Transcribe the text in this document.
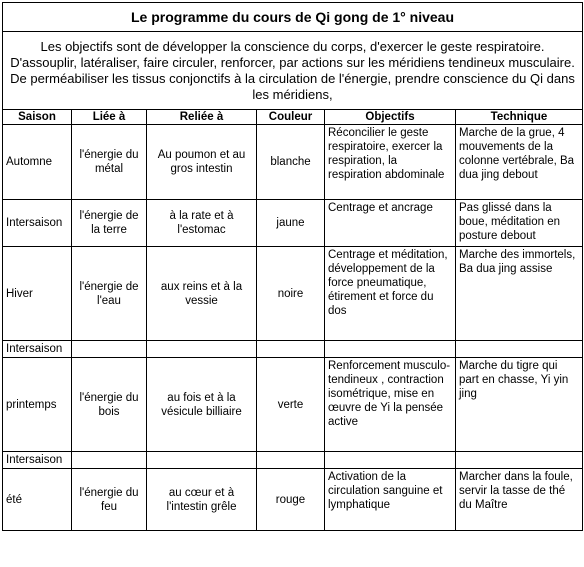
Le programme du cours de Qi gong de 1° niveau					
Les objectifs sont de développer la conscience du corps, d'exercer le geste respiratoire. D'assouplir, latéraliser, faire circuler, renforcer, par actions sur les méridiens tendineux musculaire. De perméabiliser les tissus conjonctifs à la circulation de l'énergie, prendre conscience du Qi dans les méridiens,					
Saison	Liée à	Reliée à	Couleur	Objectifs	Technique
Automne	l'énergie du métal	Au poumon et au gros intestin	blanche	Réconcilier le geste respiratoire, exercer la respiration, la respiration abdominale	Marche de la grue, 4 mouvements de la colonne vertébrale, Ba dua jing debout
Intersaison	l'énergie de la terre	à la rate et à l'estomac	jaune	Centrage et ancrage	Pas glissé dans la boue, méditation en posture debout
Hiver	l'énergie de l'eau	aux reins et à la vessie	noire	Centrage et méditation, développement de la force pneumatique, étirement et force du dos	Marche des immortels, Ba dua jing assise
Intersaison					
printemps	l'énergie du bois	au fois et à la vésicule billiaire	verte	Renforcement musculo-tendineux , contraction isométrique, mise en œuvre de Yi la pensée active	Marche du tigre qui part en chasse, Yi yin jing
Intersaison					
été	l'énergie du feu	au cœur et à l'intestin grêle	rouge	Activation de la circulation sanguine et lymphatique	Marcher dans la foule, servir la tasse de thé du Maître
